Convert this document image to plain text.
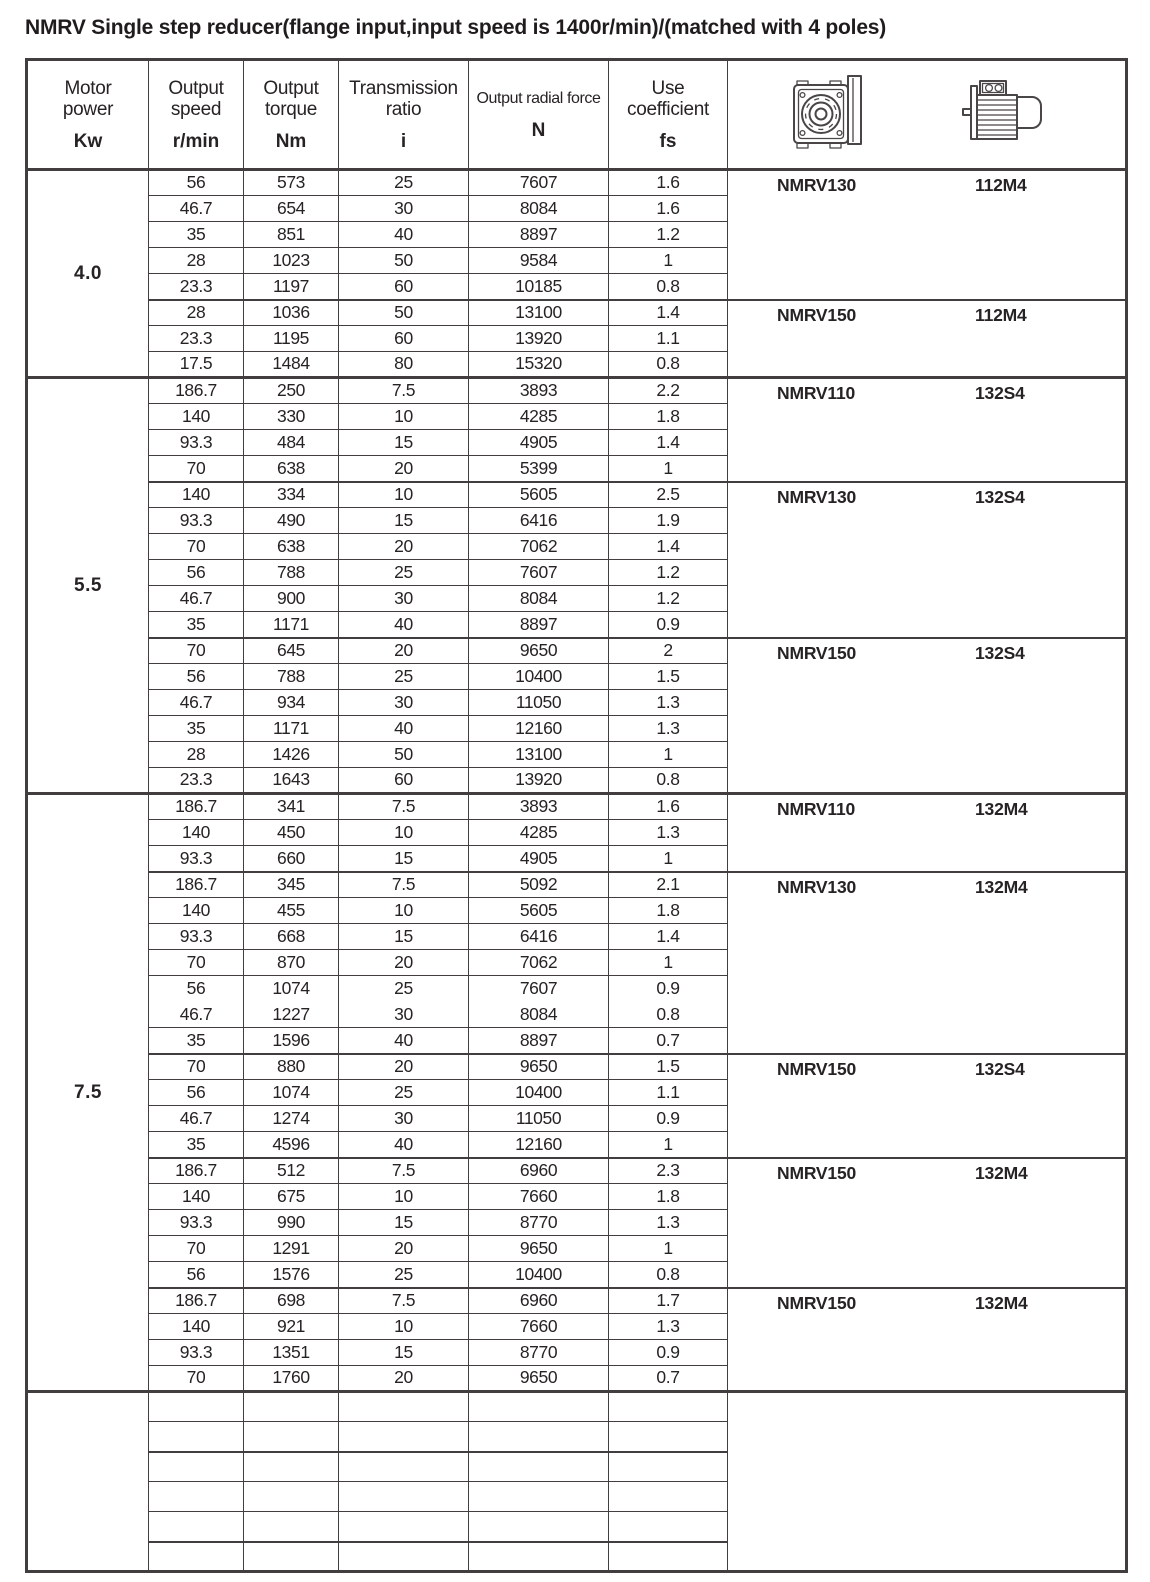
NMRV Single step reducer(flange input,input speed is 1400r/min)/(matched with 4 poles)
Motor
power
Kw	Output
speed
r/min	Output
torque
Nm	Transmission
ratio
i	Output radial force
N	Use
coefficient
fs

4.0	56	573	25	7607	1.6	NMRV130 112M4

	46.7	654	30	8084	1.6	
	35	851	40	8897	1.2	
	28	1023	50	9584	1	
	23.3	1197	60	10185	0.8	
	28	1036	50	13100	1.4	NMRV150 112M4

	23.3	1195	60	13920	1.1	
	17.5	1484	80	15320	0.8	
5.5	186.7	250	7.5	3893	2.2	NMRV110 132S4

	140	330	10	4285	1.8	
	93.3	484	15	4905	1.4	
	70	638	20	5399	1	
	140	334	10	5605	2.5	NMRV130 132S4

	93.3	490	15	6416	1.9	
	70	638	20	7062	1.4	
	56	788	25	7607	1.2	
	46.7	900	30	8084	1.2	
	35	1171	40	8897	0.9	
	70	645	20	9650	2	NMRV150 132S4

	56	788	25	10400	1.5	
	46.7	934	30	11050	1.3	
	35	1171	40	12160	1.3	
	28	1426	50	13100	1	
	23.3	1643	60	13920	0.8	
7.5	186.7	341	7.5	3893	1.6	NMRV110 132M4

	140	450	10	4285	1.3	
	93.3	660	15	4905	1	
	186.7	345	7.5	5092	2.1	NMRV130 132M4

	140	455	10	5605	1.8	
	93.3	668	15	6416	1.4	
	70	870	20	7062	1	
	56	1074	25	7607	0.9	
	46.7	1227	30	8084	0.8	
	35	1596	40	8897	0.7	
	70	880	20	9650	1.5	NMRV150 132S4

	56	1074	25	10400	1.1	
	46.7	1274	30	11050	0.9	
	35	4596	40	12160	1	
	186.7	512	7.5	6960	2.3	NMRV150 132M4

	140	675	10	7660	1.8	
	93.3	990	15	8770	1.3	
	70	1291	20	9650	1	
	56	1576	25	10400	0.8	
	186.7	698	7.5	6960	1.7	NMRV150 132M4

	140	921	10	7660	1.3	
	93.3	1351	15	8770	0.9	
	70	1760	20	9650	0.7	
